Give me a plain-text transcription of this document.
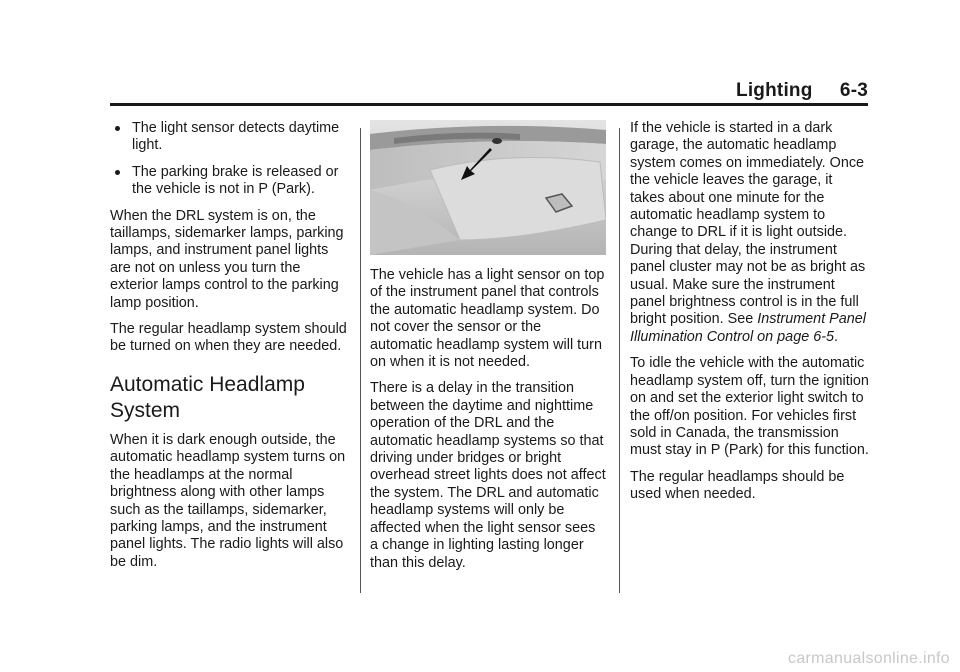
Lighting     6-3
The light sensor detects daytime light.
The parking brake is released or the vehicle is not in P (Park).

When the DRL system is on, the taillamps, sidemarker lamps, parking lamps, and instrument panel lights are not on unless you turn the exterior lamps control to the parking lamp position.

The regular headlamp system should be turned on when they are needed.

Automatic Headlamp System

When it is dark enough outside, the automatic headlamp system turns on the headlamps at the normal brightness along with other lamps such as the taillamps, sidemarker, parking lamps, and the instrument panel lights. The radio lights will also be dim.

The vehicle has a light sensor on top of the instrument panel that controls the automatic headlamp system. Do not cover the sensor or the automatic headlamp system will turn on when it is not needed.

There is a delay in the transition between the daytime and nighttime operation of the DRL and the automatic headlamp systems so that driving under bridges or bright overhead street lights does not affect the system. The DRL and automatic headlamp systems will only be affected when the light sensor sees a change in lighting lasting longer than this delay.

If the vehicle is started in a dark garage, the automatic headlamp system comes on immediately. Once the vehicle leaves the garage, it takes about one minute for the automatic headlamp system to change to DRL if it is light outside. During that delay, the instrument panel cluster may not be as bright as usual. Make sure the instrument panel brightness control is in the full bright position. See Instrument Panel Illumination Control on page 6-5.

To idle the vehicle with the automatic headlamp system off, turn the ignition on and set the exterior light switch to the off/on position. For vehicles first sold in Canada, the transmission must stay in P (Park) for this function.

The regular headlamps should be used when needed.

carmanualsonline.info
